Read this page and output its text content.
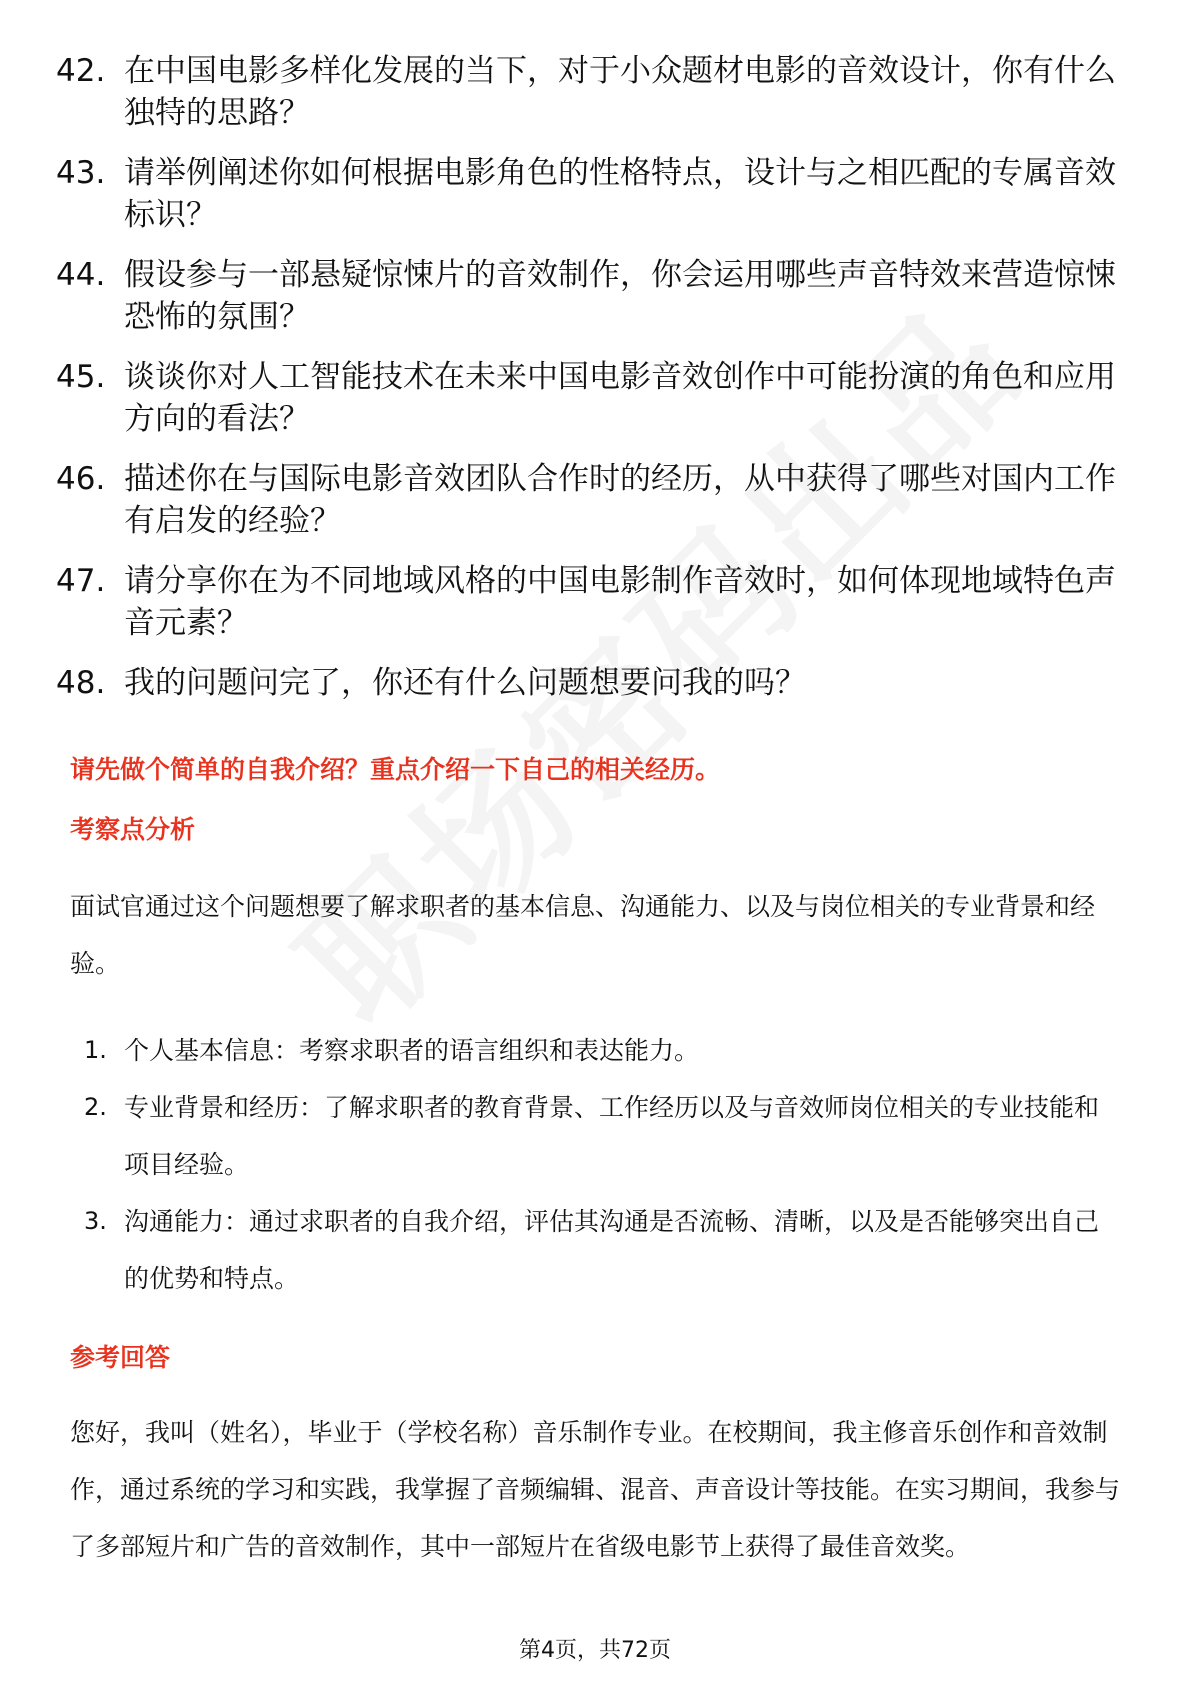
42. 在中国电影多样化发展的当下，对于小众题材电影的音效设计，你有什么独特的思路？
43. 请举例阐述你如何根据电影角色的性格特点，设计与之相匹配的专属音效标识？
44. 假设参与一部悬疑惊悚片的音效制作，你会运用哪些声音特效来营造惊悚恐怖的氛围？
45. 谈谈你对人工智能技术在未来中国电影音效创作中可能扮演的角色和应用方向的看法？
46. 描述你在与国际电影音效团队合作时的经历，从中获得了哪些对国内工作有启发的经验？
47. 请分享你在为不同地域风格的中国电影制作音效时，如何体现地域特色声音元素？
48. 我的问题问完了，你还有什么问题想要问我的吗？
请先做个简单的自我介绍？重点介绍一下自己的相关经历。
考察点分析
面试官通过这个问题想要了解求职者的基本信息、沟通能力、以及与岗位相关的专业背景和经验。
1. 个人基本信息：考察求职者的语言组织和表达能力。
2. 专业背景和经历：了解求职者的教育背景、工作经历以及与音效师岗位相关的专业技能和项目经验。
3. 沟通能力：通过求职者的自我介绍，评估其沟通是否流畅、清晰，以及是否能够突出自己的优势和特点。
参考回答
您好，我叫（姓名），毕业于（学校名称）音乐制作专业。在校期间，我主修音乐创作和音效制作，通过系统的学习和实践，我掌握了音频编辑、混音、声音设计等技能。在实习期间，我参与了多部短片和广告的音效制作，其中一部短片在省级电影节上获得了最佳音效奖。
第4页，共72页
